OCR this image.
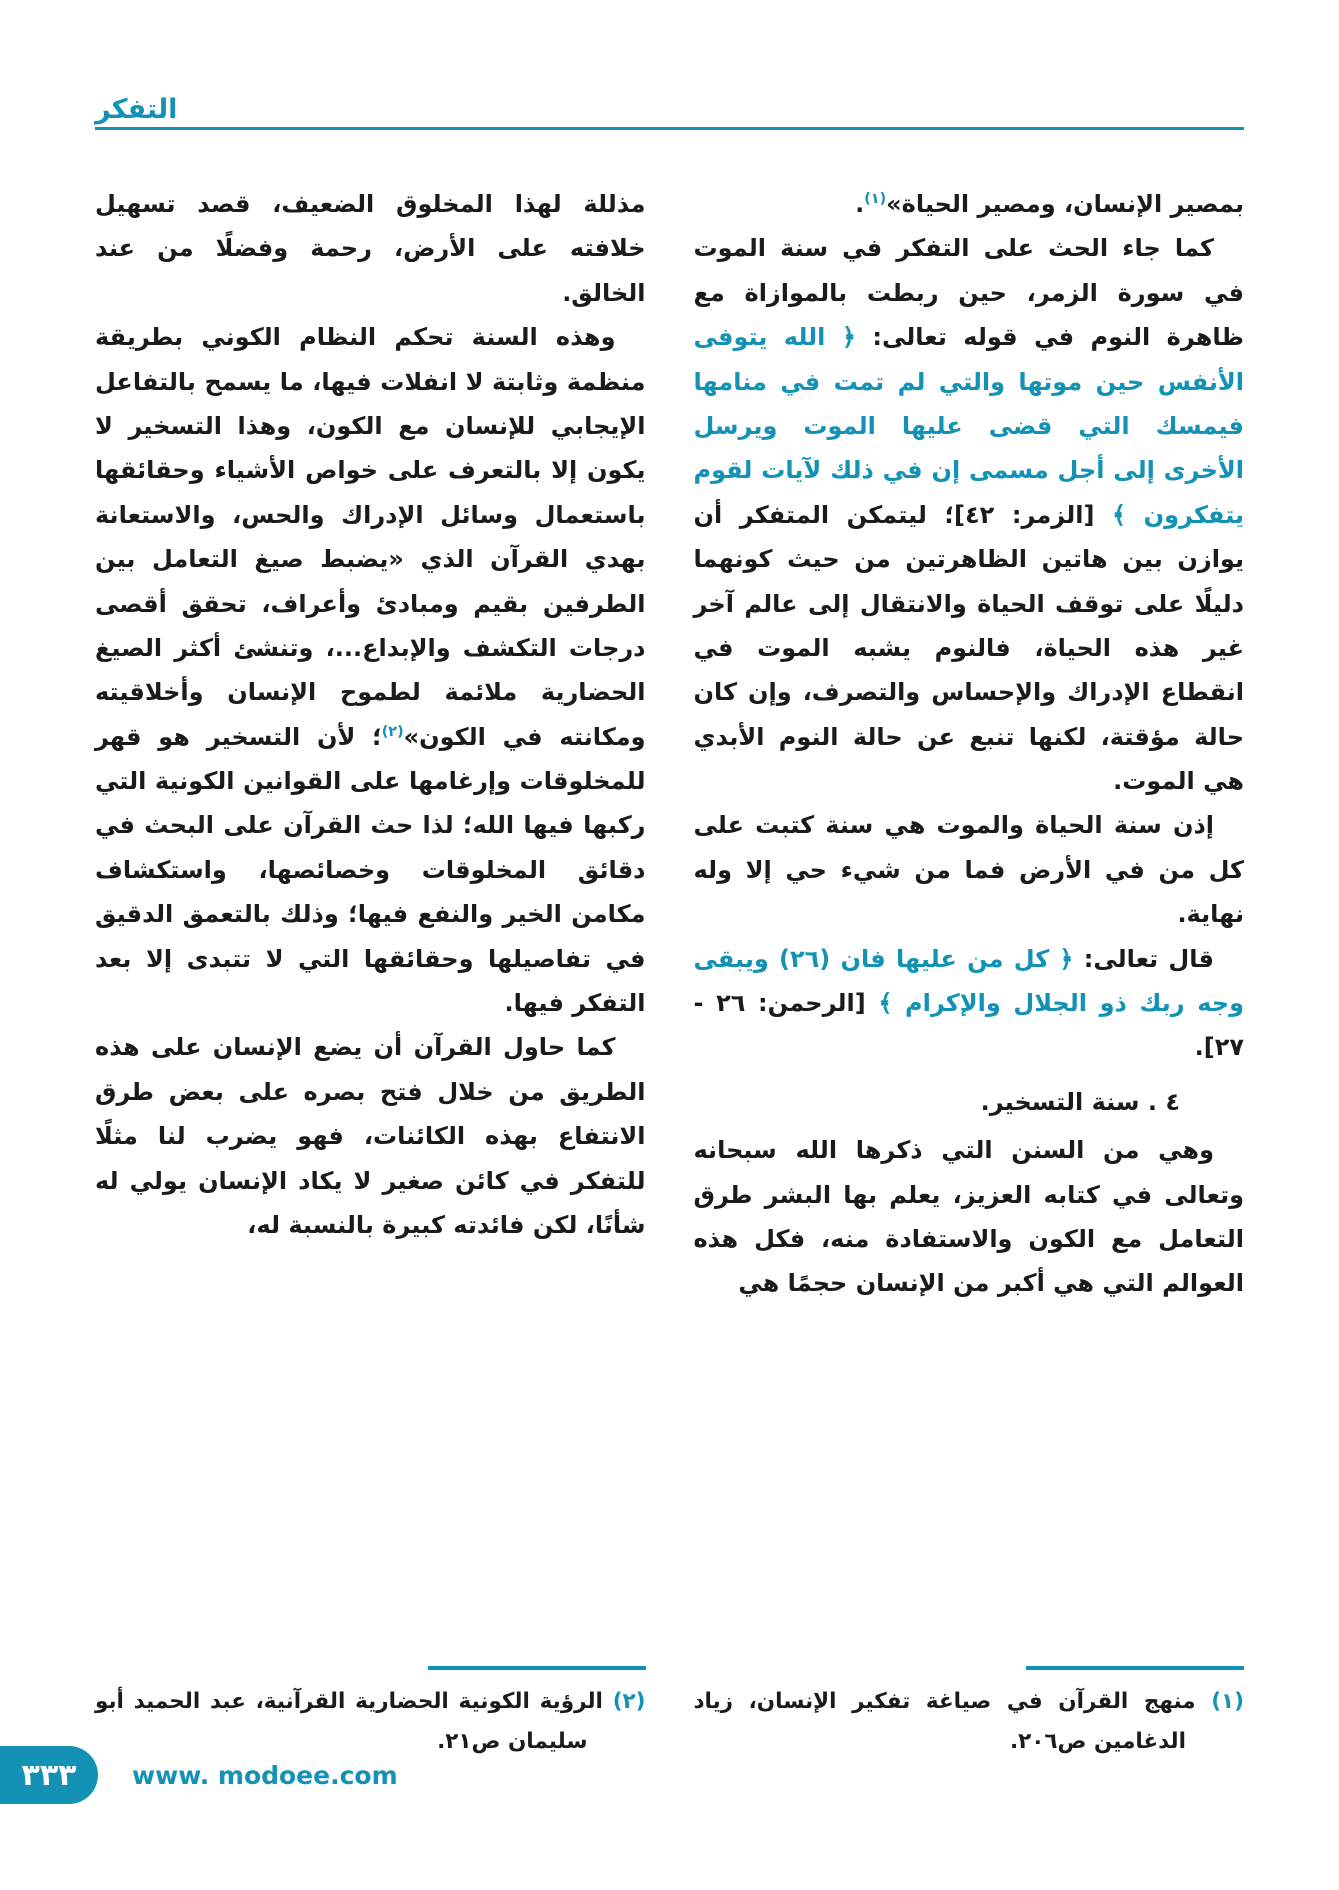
التفكر

بمصير الإنسان، ومصير الحياة»$^{(١)}$.

كما جاء الحث على التفكر في سنة الموت في سورة الزمر، حين ربطت بالموازاة مع ظاهرة النوم في قوله تعالى: ﴿ الله يتوفى الأنفس حين موتها والتي لم تمت في منامها فيمسك التي قضى عليها الموت ويرسل الأخرى إلى أجل مسمى إن في ذلك لآيات لقوم يتفكرون ﴾ [الزمر: ٤٢]؛ ليتمكن المتفكر أن يوازن بين هاتين الظاهرتين من حيث كونهما دليلًا على توقف الحياة والانتقال إلى عالم آخر غير هذه الحياة، فالنوم يشبه الموت في انقطاع الإدراك والإحساس والتصرف، وإن كان حالة مؤقتة، لكنها تنبع عن حالة النوم الأبدي هي الموت.

إذن سنة الحياة والموت هي سنة كتبت على كل من في الأرض فما من شيء حي إلا وله نهاية.

قال تعالى: ﴿ كل من عليها فان (٢٦) ويبقى وجه ربك ذو الجلال والإكرام ﴾ [الرحمن: ٢٦ - ٢٧].

٤ . سنة التسخير.

وهي من السنن التي ذكرها الله سبحانه وتعالى في كتابه العزيز، يعلم بها البشر طرق التعامل مع الكون والاستفادة منه، فكل هذه العوالم التي هي أكبر من الإنسان حجمًا هي

(١) منهج القرآن في صياغة تفكير الإنسان، زياد الدغامين ص٢٠٦.

مذللة لهذا المخلوق الضعيف، قصد تسهيل خلافته على الأرض، رحمة وفضلًا من عند الخالق.

وهذه السنة تحكم النظام الكوني بطريقة منظمة وثابتة لا انفلات فيها، ما يسمح بالتفاعل الإيجابي للإنسان مع الكون، وهذا التسخير لا يكون إلا بالتعرف على خواص الأشياء وحقائقها باستعمال وسائل الإدراك والحس، والاستعانة بهدي القرآن الذي «يضبط صيغ التعامل بين الطرفين بقيم ومبادئ وأعراف، تحقق أقصى درجات التكشف والإبداع...، وتنشئ أكثر الصيغ الحضارية ملائمة لطموح الإنسان وأخلاقيته ومكانته في الكون»$^{(٢)}$؛ لأن التسخير هو قهر للمخلوقات وإرغامها على القوانين الكونية التي ركبها فيها الله؛ لذا حث القرآن على البحث في دقائق المخلوقات وخصائصها، واستكشاف مكامن الخير والنفع فيها؛ وذلك بالتعمق الدقيق في تفاصيلها وحقائقها التي لا تتبدى إلا بعد التفكر فيها.

كما حاول القرآن أن يضع الإنسان على هذه الطريق من خلال فتح بصره على بعض طرق الانتفاع بهذه الكائنات، فهو يضرب لنا مثلًا للتفكر في كائن صغير لا يكاد الإنسان يولي له شأنًا، لكن فائدته كبيرة بالنسبة له،

(٢) الرؤية الكونية الحضارية القرآنية، عبد الحميد أبو سليمان ص٢١.
٣٣٣ www. modoee.com
